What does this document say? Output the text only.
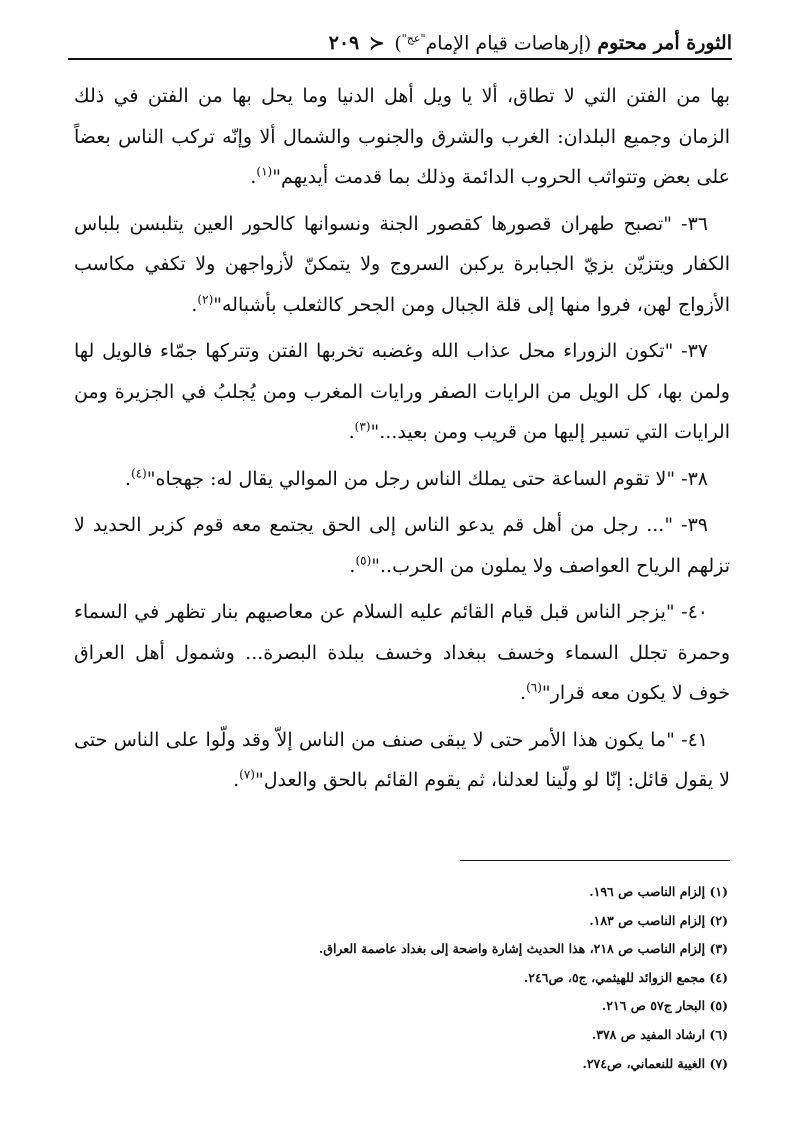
الثورة أمر محتوم
(إرهاصات قيام الإمام$^{"عج"}$)
≺
٢٠٩

بها من الفتن التي لا تطاق، ألا يا ويل أهل الدنيا وما يحل بها من الفتن في ذلك الزمان وجميع البلدان: الغرب والشرق والجنوب والشمال ألا وإنّه تركب الناس بعضاً على بعض وتتواثب الحروب الدائمة وذلك بما قدمت أيديهم"$^{(١)}$.

٣٦- "تصبح طهران قصورها كقصور الجنة ونسوانها كالحور العين يتلبسن بلباس الكفار ويتزيّن بزيّ الجبابرة يركبن السروج ولا يتمكنّ لأزواجهن ولا تكفي مكاسب الأزواج لهن، فروا منها إلى قلة الجبال ومن الجحر كالثعلب بأشباله"$^{(٢)}$.

٣٧- "تكون الزوراء محل عذاب الله وغضبه تخربها الفتن وتتركها جمّاء فالويل لها ولمن بها، كل الويل من الرايات الصفر ورايات المغرب ومن يُجلبُ في الجزيرة ومن الرايات التي تسير إليها من قريب ومن بعيد..."$^{(٣)}$.

٣٨- "لا تقوم الساعة حتى يملك الناس رجل من الموالي يقال له: جهجاه"$^{(٤)}$.

٣٩- "... رجل من أهل قم يدعو الناس إلى الحق يجتمع معه قوم كزبر الحديد لا تزلهم الرياح العواصف ولا يملون من الحرب.."$^{(٥)}$.

٤٠- "يزجر الناس قبل قيام القائم عليه السلام عن معاصيهم بنار تظهر في السماء وحمرة تجلل السماء وخسف ببغداد وخسف ببلدة البصرة... وشمول أهل العراق خوف لا يكون معه قرار"$^{(٦)}$.

٤١- "ما يكون هذا الأمر حتى لا يبقى صنف من الناس إلاّ وقد ولّوا على الناس حتى لا يقول قائل: إنّا لو ولّينا لعدلنا، ثم يقوم القائم بالحق والعدل"$^{(٧)}$.

(١) إلزام الناصب ص ١٩٦.
(٢) إلزام الناصب ص ١٨٣.
(٣) إلزام الناصب ص ٢١٨، هذا الحديث إشارة واضحة إلى بغداد عاصمة العراق.
(٤) مجمع الزوائد للهيثمي، ج٥، ص٢٤٦.
(٥) البحار ج٥٧ ص ٢١٦.
(٦) ارشاد المفيد ص ٣٧٨.
(٧) الغيبة للنعماني، ص٢٧٤.
